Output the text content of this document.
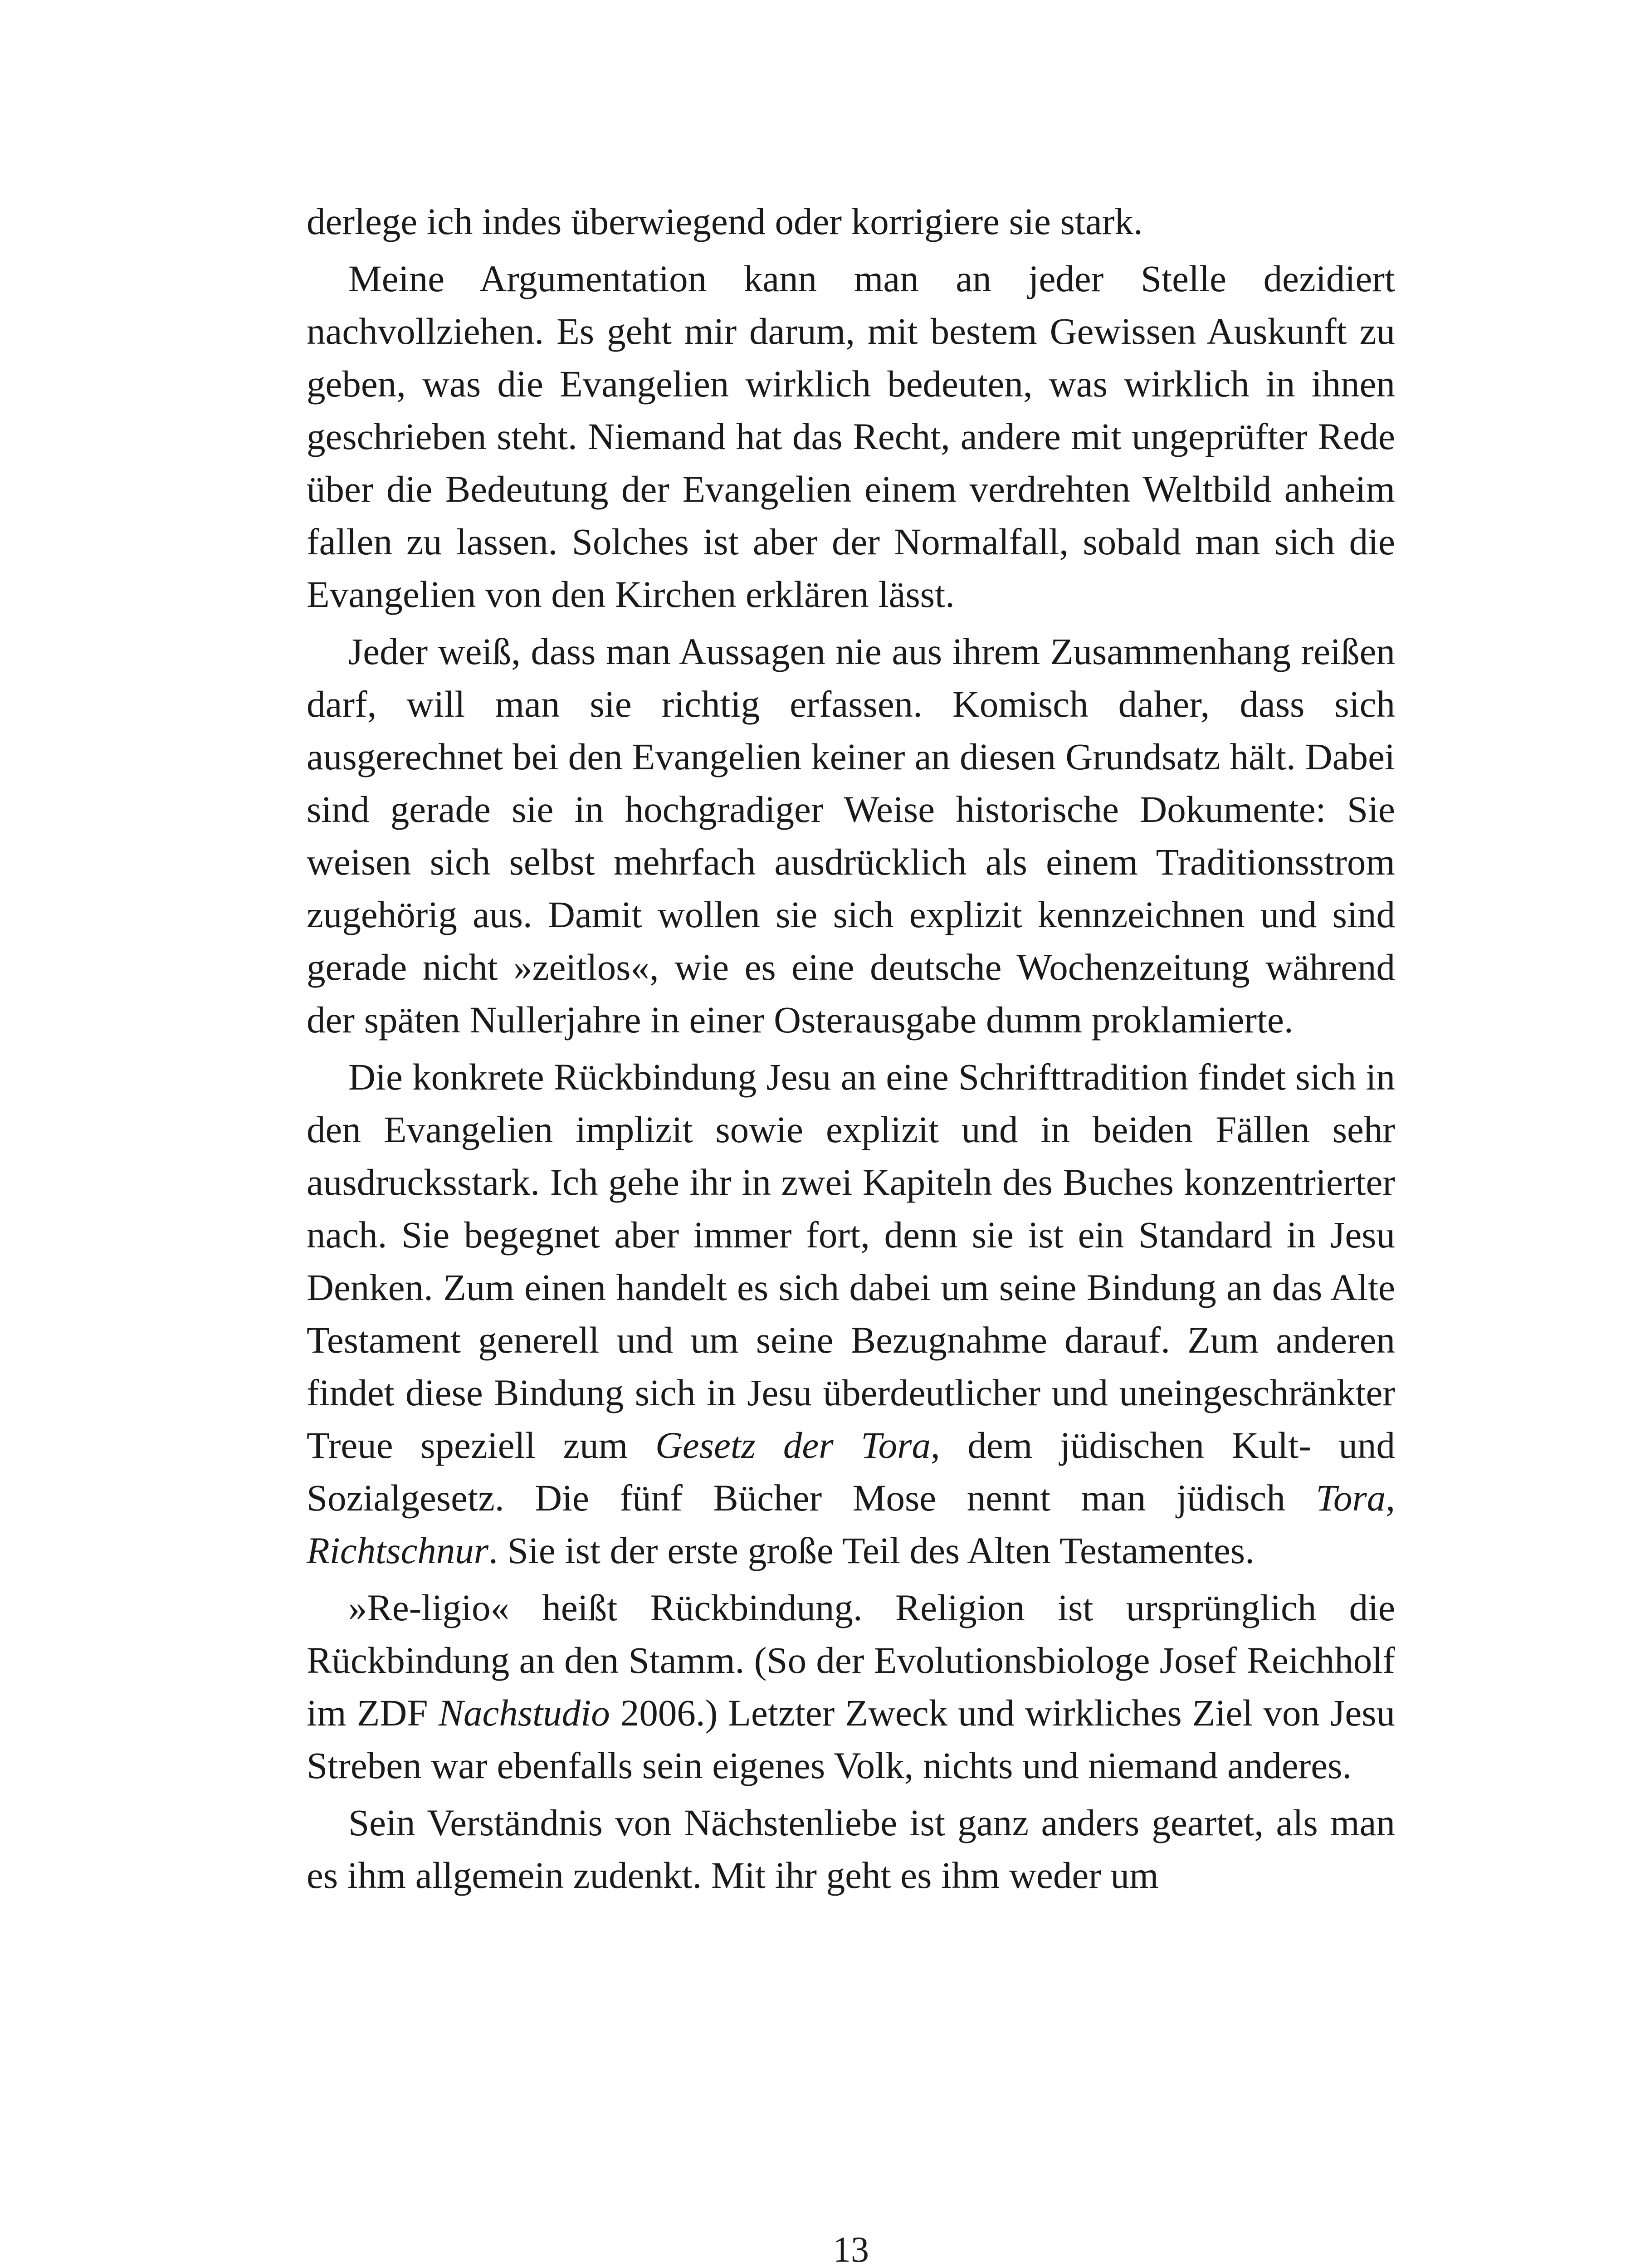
derlege ich indes überwiegend oder korrigiere sie stark.

Meine Argumentation kann man an jeder Stelle dezidiert nachvollziehen. Es geht mir darum, mit bestem Gewissen Auskunft zu geben, was die Evangelien wirklich bedeuten, was wirklich in ihnen geschrieben steht. Niemand hat das Recht, andere mit ungeprüfter Rede über die Bedeutung der Evangelien einem verdrehten Weltbild anheim fallen zu lassen. Solches ist aber der Normalfall, sobald man sich die Evangelien von den Kirchen erklären lässt.

Jeder weiß, dass man Aussagen nie aus ihrem Zusammenhang reißen darf, will man sie richtig erfassen. Komisch daher, dass sich ausgerechnet bei den Evangelien keiner an diesen Grundsatz hält. Dabei sind gerade sie in hochgradiger Weise historische Dokumente: Sie weisen sich selbst mehrfach ausdrücklich als einem Traditionsstrom zugehörig aus. Damit wollen sie sich explizit kennzeichnen und sind gerade nicht »zeitlos«, wie es eine deutsche Wochenzeitung während der späten Nullerjahre in einer Osterausgabe dumm proklamierte.

Die konkrete Rückbindung Jesu an eine Schrifttradition findet sich in den Evangelien implizit sowie explizit und in beiden Fällen sehr ausdrucksstark. Ich gehe ihr in zwei Kapiteln des Buches konzentrierter nach. Sie begegnet aber immer fort, denn sie ist ein Standard in Jesu Denken. Zum einen handelt es sich dabei um seine Bindung an das Alte Testament generell und um seine Bezugnahme darauf. Zum anderen findet diese Bindung sich in Jesu überdeutlicher und uneingeschränkter Treue speziell zum Gesetz der Tora, dem jüdischen Kult- und Sozialgesetz. Die fünf Bücher Mose nennt man jüdisch Tora, Richtschnur. Sie ist der erste große Teil des Alten Testamentes.

»Re-ligio« heißt Rückbindung. Religion ist ursprünglich die Rückbindung an den Stamm. (So der Evolutionsbiologe Josef Reichholf im ZDF Nachstudio 2006.) Letzter Zweck und wirkliches Ziel von Jesu Streben war ebenfalls sein eigenes Volk, nichts und niemand anderes.

Sein Verständnis von Nächstenliebe ist ganz anders geartet, als man es ihm allgemein zudenkt. Mit ihr geht es ihm weder um

13
